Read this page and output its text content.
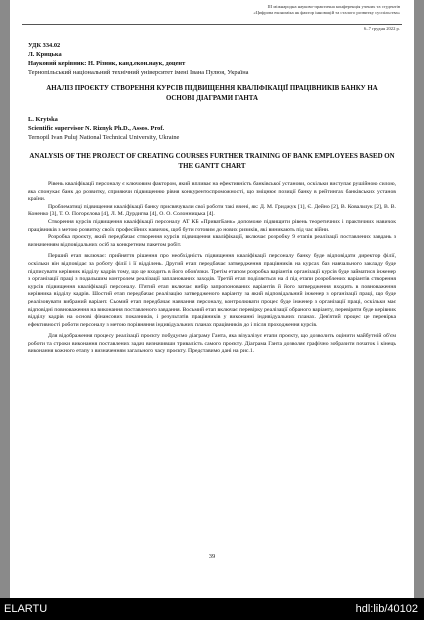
III міжнародна науково-практична конференція учених та студентів
«Цифрова економіка як фактор інновацій та сталого розвитку суспільства»
6–7 грудня 2022 р.
УДК 334.02
Л. Крицька
Науковий керівник: Н. Різник, канд.екон.наук, доцент
Тернопільський національний технічний університет імені Івана Пулюя, Україна
АНАЛІЗ ПРОЄКТУ СТВОРЕННЯ КУРСІВ ПІДВИЩЕННЯ КВАЛІФІКАЦІЇ ПРАЦІВНИКІВ БАНКУ НА ОСНОВІ ДІАГРАМИ ГАНТА
L. Krytska
Scientific supervisor N. Riznyk Ph.D., Assos. Prof.
Ternopil Ivan Puluj National Technical University, Ukraine
ANALYSIS OF THE PROJECT OF CREATING COURSES FURTHER TRAINING OF BANK EMPLOYEES BASED ON THE GANTT CHART

Рівень кваліфікації персоналу є ключовим фактором, який впливає на ефективність банківської установи, оскільки виступає рушійною силою, яка спонукає банк до розвитку, сприяючи підвищенню рівня конкурентоспроможності, що зміцнює позиції банку в рейтингах банківських установ країни.

Проблематиці підвищення кваліфікації банку присвячували свої роботи такі вчені, як: Д. М. Гриджук [1], Є. Дейно [2], В. Ковальчук [2], В. В. Коненко [3], Т. О. Погорєлова [4], Л. М. Дурдигва [4], О. О. Солонницька [4].

Створення курсів підвищення кваліфікації персоналу АТ КБ «ПриватБанк» допоможе підвищити рівень теоретичних і практичних навичок працівників з метою розвитку своїх професійних навичок, щоб бути готовим до нових ризиків, які виникають під час війни.

Розробка проєкту, який передбачає створення курсів підвищення кваліфікації, включає розробку 9 етапів реалізації поставлених завдань з визначенням відповідальних осіб за конкретним пакетом робіт.

Перший етап включає: прийняття рішення про необхідність підвищення кваліфікації персоналу банку буде відповідати директор філії, оскільки він відповідає за роботу філії і її відділень. Другий етап передбачає затвердження працівників на курсах баз навчального закладу буде підписувати керівник відділу кадрів тому, що це входить в його обов'язки. Третім етапом розробка варіантів організації курсів буде займатися інженер з організації праці з подальшим контролем реалізації запланованих заходів. Третій етап поділяється на 4 під етапи розроблених варіантів створення курсів підвищення кваліфікації персоналу. П'ятий етап включає вибір запропонованих варіантів й його затвердження входить в повноваження керівника відділу кадрів. Шостий етап передбачає реалізацію затвердженого варіанту за який відповідальний інженер з організації праці, що буде реалізовувати вибраний варіант. Сьомий етап передбачає навчання персоналу, контролювати процес буде інженер з організації праці, оскільки має відповідні повноваження на виконання поставленого завдання. Восьмий етап включає перевірку реалізації обраного варіанту, перевіряти буде керівник відділу кадрів на основі фінансових показників, і результатів працівників у виконанні індивідуальних планах. Дев'ятий процес це перевірка ефективності роботи персоналу з метою порівняння індивідуальних планах працівників до і після проходження курсів.

Для відображення процесу реалізації проєкту побудуємо діаграму Ганта, яка візуалізує етапи проєкту, що дозволить оцінити майбутній об'єм роботи та строки виконання поставлених задач визначивши тривалість самого проєкту. Діаграма Ганта дозволяє графічно зобразити початок і кінець виконання кожного етапу з визначенням загального часу проєкту. Представимо дані на рис.1.

39
ELARTU	hdl:lib/40102
